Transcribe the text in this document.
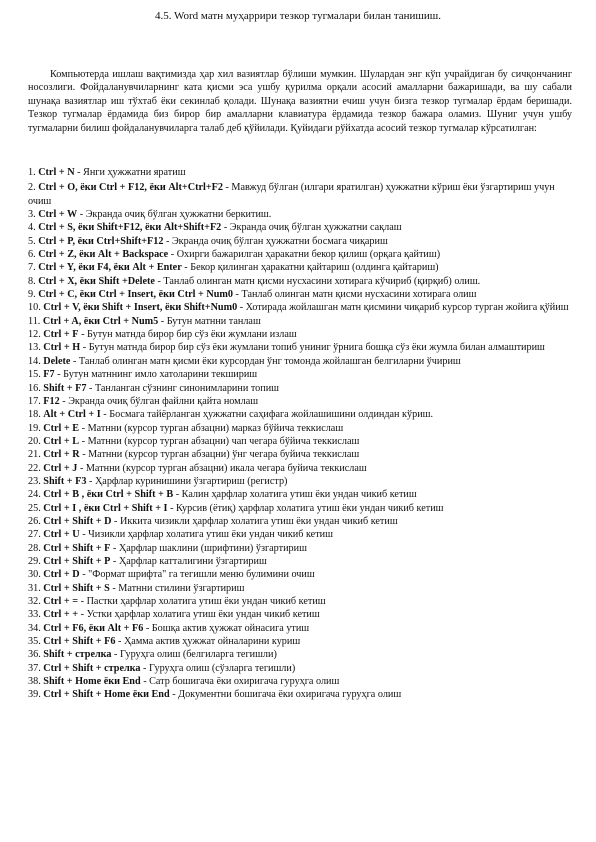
4.5. Word матн муҳаррири тезкор тугмалари билан танишиш.

Компьютерда ишлаш вақтимизда ҳар хил вазиятлар бўлиши мумкин. Шулардан энг кўп учрайдиган бу сичқончанинг носозлиги. Фойдаланувчиларнинг ката қисми эса ушбу қурилма орқали асосий амалларни бажаришади, ва шу сабали шунақа вазиятлар иш тўхтаб ёки секинлаб қолади. Шунақа вазиятни ечиш учун бизга тезкор тугмалар ёрдам беришади. Тезкор тугмалар ёрдамида биз бирор бир амалларни клавиатура ёрдамида тезкор бажара оламиз. Шуниг учун ушбу тугмаларни билиш фойдаланувчиларга талаб деб қўйилади. Қуйидаги рўйхатда асосий тезкор тугмалар кўрсатилган:

1. Ctrl + N - Янги ҳужжатни яратиш
2. Ctrl + O, ёки Ctrl + F12, ёки Alt+Ctrl+F2 - Мавжуд бўлган (илгари яратилган) ҳужжатни кўриш ёки ўзгартириш учун очиш
3. Ctrl + W - Экранда очиқ бўлган ҳужжатни беркитиш.
4. Ctrl + S, ёки Shift+F12, ёки Alt+Shift+F2 - Экранда очиқ бўлган ҳужжатни сақлаш
5. Ctrl + P, ёки Ctrl+Shift+F12 - Экранда очиқ бўлган ҳужжатни босмага чиқариш
6. Ctrl + Z, ёки Alt + Backspace - Охирги бажарилган ҳаракатни бекор қилиш (орқага қайтиш)
7. Ctrl + Y, ёки F4, ёки Alt + Enter - Бекор қилинган ҳаракатни қайтариш (олдинга қайтариш)
8. Ctrl + X, ёки Shift +Delete - Танлаб олинган матн қисми нусхасини хотирага кўчириб (қирқиб) олиш.
9. Ctrl + C, ёки Ctrl + Insert, ёки Ctrl + Num0 - Танлаб олинган матн қисми нусхасини хотирага олиш
10. Ctrl + V, ёки Shift + Insert, ёки Shift+Num0 - Хотирада жойлашган матн қисмини чиқариб курсор турган жойига қўйиш
11. Ctrl + A, ёки Ctrl + Num5 - Бутун матнни танлаш
12. Ctrl + F - Бутун матнда бирор бир сўз ёки жумлани излаш
13. Ctrl + H - Бутун матнда бирор бир сўз ёки жумлани топиб униниг ўрнига бошқа сўз ёки жумла билан алмаштириш
14. Delete - Танлаб олинган матн қисми ёки курсордан ўнг томонда жойлашган белгиларни ўчириш
15. F7 - Бутун матннинг имло хатоларини текшириш
16. Shift + F7 - Танланган сўзнинг синонимларини топиш
17. F12 - Экранда очиқ бўлган файлни қайта номлаш
18. Alt + Ctrl + I - Босмага тайёрланган ҳужжатни саҳифага жойлашишини олдиндан кўриш.
19. Ctrl + E - Матнни (курсор турган абзацни) марказ бўйича теккислаш
20. Ctrl + L - Матнни (курсор турган абзацни) чап чегара бўйича теккислаш
21. Ctrl + R - Матнни (курсор турган абзацни) ўнг чегара буйича теккислаш
22. Ctrl + J - Матнни (курсор турган абзацни) икала чегара буйича теккислаш
23. Shift + F3 - Ҳарфлар куринишини ўзгартириш (регистр)
24. Ctrl + B , ёки Ctrl + Shift + B - Калин ҳарфлар холатига утиш ёки ундан чикиб кетиш
25. Ctrl + I , ёки Ctrl + Shift + I - Курсив (ётиқ) ҳарфлар холатига утиш ёки ундан чикиб кетиш
26. Ctrl + Shift + D - Иккита чизикли ҳарфлар холатига утиш ёки ундан чикиб кетиш
27. Ctrl + U - Чизикли ҳарфлар холатига утиш ёки ундан чикиб кетиш
28. Ctrl + Shift + F - Ҳарфлар шаклини (шрифтини) ўзгартириш
29. Ctrl + Shift + P - Ҳарфлар катталигини ўзгартириш
30. Ctrl + D - "Формат шрифта" га тегишли меню булимини очиш
31. Ctrl + Shift + S - Матнни стилини ўзгартириш
32. Ctrl + = - Пастки ҳарфлар холатига утиш ёки ундан чикиб кетиш
33. Ctrl + + - Устки ҳарфлар холатига утиш ёки ундан чикиб кетиш
34. Ctrl + F6, ёки Alt + F6 - Бошқа актив ҳужжат ойнасига утиш
35. Ctrl + Shift + F6 - Ҳамма актив ҳужжат ойналарини куриш
36. Shift + стрелка - Гуруҳга олиш (белгиларга тегишли)
37. Ctrl + Shift + стрелка - Гуруҳга олиш (сўзларга тегишли)
38. Shift + Home ёки End - Сатр бошигача ёки охиригача гуруҳга олиш
39. Ctrl + Shift + Home ёки End - Документни бошигача ёки охиригача гуруҳга олиш
